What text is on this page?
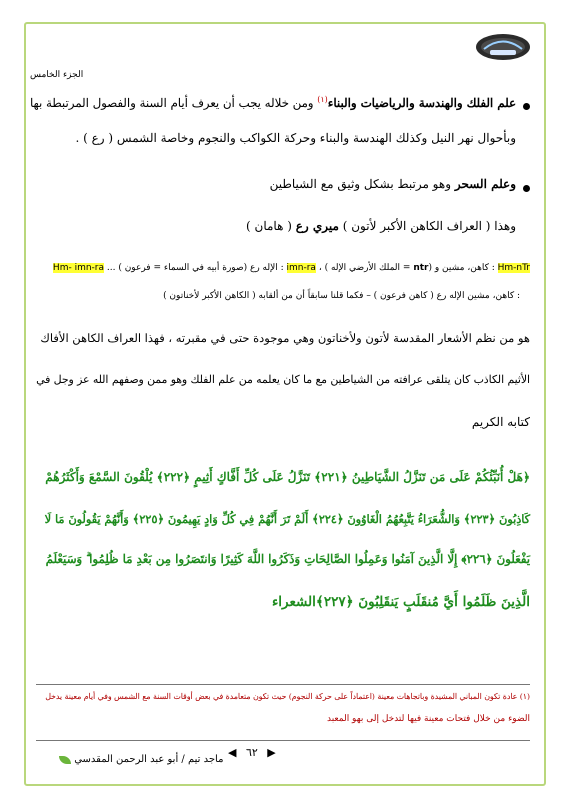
الجزء الخامس
علم الفلك والهندسة والرياضيات والبناء$^{(١)}$ ومن خلاله يجب أن يعرف أيام السنة والفصول المرتبطة بها
وبأحوال نهر النيل وكذلك الهندسة والبناء وحركة الكواكب والنجوم وخاصة الشمس ( رع ) .
وعلم السحر وهو مرتبط بشكل وثيق مع الشياطين
وهذا ( العراف الكاهن الأكبر لأتون ) ميري رع ( هامان )
Hm-nTr : كاهن، مشين و (ntr = الملك الأرضي الإله ) ، imn-ra : الإله رع (صورة أبيه في السماء = فرعون ) ... Hm- imn-ra
: كاهن، مشين الإله رع ( كاهن فرعون ) – فكما قلنا سابقاً أن من ألقابه ( الكاهن الأكبر لأخناتون )
هو من نظم الأشعار المقدسة لأتون ولأخناتون وهي موجودة حتى في مقبرته ، فهذا العراف الكاهن الأفاك
الأثيم الكاذب كان يتلقى عرافته من الشياطين مع ما كان يعلمه من علم الفلك وهو ممن وصفهم الله عز وجل في
كتابه الكريم
﴿هَلْ أُنَبِّئُكُمْ عَلَى مَن تَنَزَّلُ الشَّيَاطِينُ ﴿٢٢١﴾ تَنَزَّلُ عَلَى كُلِّ أَفَّاكٍ أَثِيمٍ ﴿٢٢٢﴾ يُلْقُونَ السَّمْعَ وَأَكْثَرُهُمْ
كَاذِبُونَ ﴿٢٢٣﴾ وَالشُّعَرَاءُ يَتَّبِعُهُمُ الْغَاوُونَ ﴿٢٢٤﴾ أَلَمْ تَرَ أَنَّهُمْ فِي كُلِّ وَادٍ يَهِيمُونَ ﴿٢٢٥﴾ وَأَنَّهُمْ يَقُولُونَ مَا لَا
يَفْعَلُونَ ﴿٢٢٦﴾ إِلَّا الَّذِينَ آمَنُوا وَعَمِلُوا الصَّالِحَاتِ وَذَكَرُوا اللَّهَ كَثِيرًا وَانتَصَرُوا مِن بَعْدِ مَا ظُلِمُوا ۗ وَسَيَعْلَمُ
الَّذِينَ ظَلَمُوا أَيَّ مُنقَلَبٍ يَنقَلِبُونَ ﴿٢٢٧﴾الشعراء
(١) عادة تكون المباني المشيدة وباتجاهات معينة (اعتماداً على حركة النجوم) حيث تكون متعامدة في بعض أوقات السنة مع الشمس وفي أيام معينة يدخل
الضوء من خلال فتحات معينة فيها لتدخل إلى بهو المعبد
◀ ٦٢ ▶
ماجد تيم / أبو عبد الرحمن المقدسي
